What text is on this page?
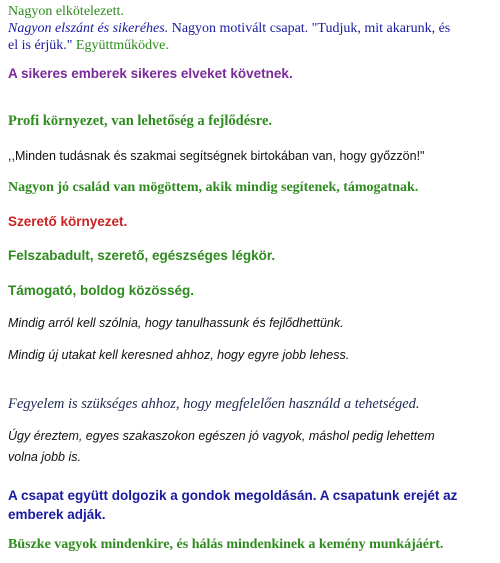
Nagyon elkötelezett.

Nagyon elszánt és sikeréhes. Nagyon motivált csapat. "Tudjuk, mit akarunk, és

el is érjük." Együttműködve.

A sikeres emberek sikeres elveket követnek.

Profi környezet, van lehetőség a fejlődésre.

,,Minden tudásnak és szakmai segítségnek birtokában van, hogy győzzön!"

Nagyon jó család van mögöttem, akik mindig segítenek, támogatnak.

Szerető környezet.

Felszabadult, szerető, egészséges légkör.

Támogató, boldog közösség.

Mindig arról kell szólnia, hogy tanulhassunk és fejlődhettünk.

Mindig új utakat kell keresned ahhoz, hogy egyre jobb lehess.

Fegyelem is szükséges ahhoz, hogy megfelelően használd a tehetséged.

Úgy éreztem, egyes szakaszokon egészen jó vagyok, máshol pedig lehettem

volna jobb is.

A csapat együtt dolgozik a gondok megoldásán. A csapatunk erejét az

emberek adják.

Büszke vagyok mindenkire, és hálás mindenkinek a kemény munkájáért.
